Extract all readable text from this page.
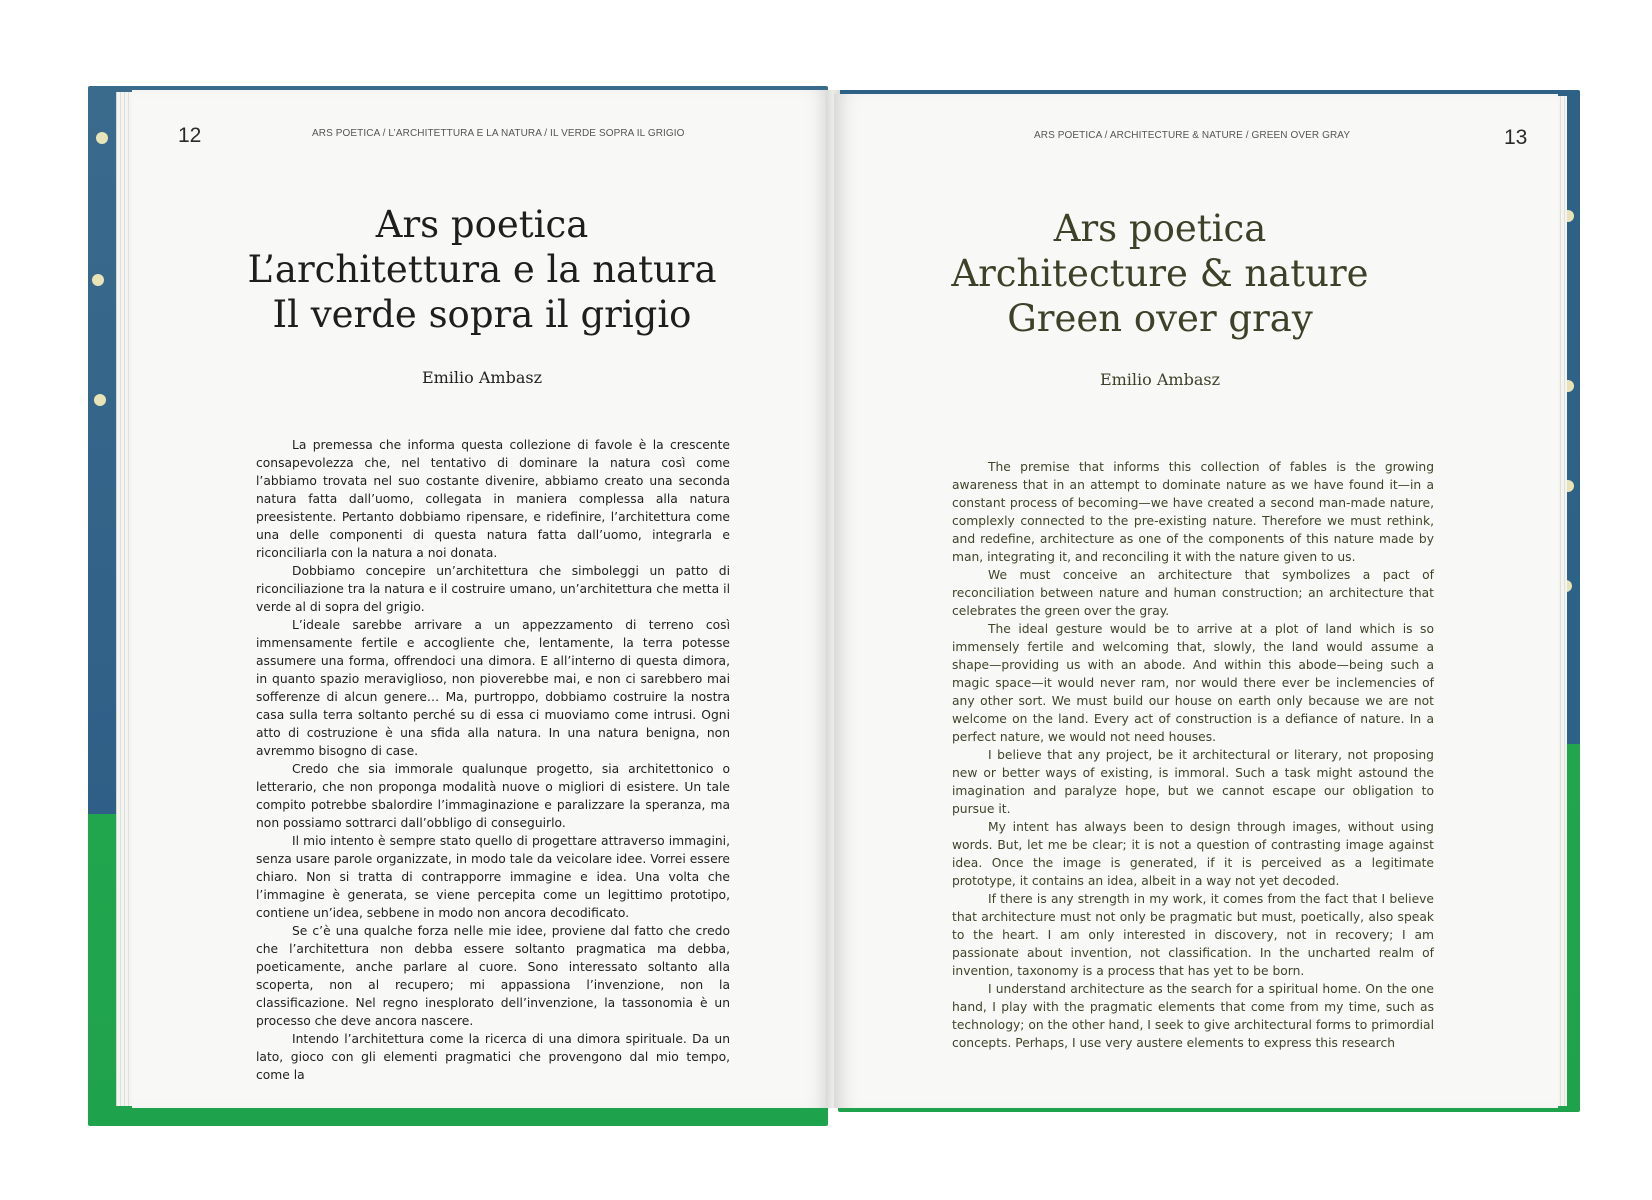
12	ARS POETICA / L’ARCHITETTURA E LA NATURA / IL VERDE SOPRA IL GRIGIO
Ars poetica
L’architettura e la natura
Il verde sopra il grigio
Emilio Ambasz

La premessa che informa questa collezione di favole è la crescente consapevolezza che, nel tentativo di dominare la natura così come l’abbiamo trovata nel suo costante divenire, abbiamo creato una seconda natura fatta dall’uomo, collegata in maniera complessa alla natura preesistente. Pertanto dobbiamo ripensare, e ridefinire, l’architettura come una delle componenti di questa natura fatta dall’uomo, integrarla e riconciliarla con la natura a noi donata.

Dobbiamo concepire un’architettura che simboleggi un patto di riconciliazione tra la natura e il costruire umano, un’architettura che metta il verde al di sopra del grigio.

L’ideale sarebbe arrivare a un appezzamento di terreno così immensamente fertile e accogliente che, lentamente, la terra potesse assumere una forma, offrendoci una dimora. E all’interno di questa dimora, in quanto spazio meraviglioso, non pioverebbe mai, e non ci sarebbero mai sofferenze di alcun genere… Ma, purtroppo, dobbiamo costruire la nostra casa sulla terra soltanto perché su di essa ci muoviamo come intrusi. Ogni atto di costruzione è una sfida alla natura. In una natura benigna, non avremmo bisogno di case.

Credo che sia immorale qualunque progetto, sia architettonico o letterario, che non proponga modalità nuove o migliori di esistere. Un tale compito potrebbe sbalordire l’immaginazione e paralizzare la speranza, ma non possiamo sottrarci dall’obbligo di conseguirlo.

Il mio intento è sempre stato quello di progettare attraverso immagini, senza usare parole organizzate, in modo tale da veicolare idee. Vorrei essere chiaro. Non si tratta di contrapporre immagine e idea. Una volta che l’immagine è generata, se viene percepita come un legittimo prototipo, contiene un’idea, sebbene in modo non ancora decodificato.

Se c’è una qualche forza nelle mie idee, proviene dal fatto che credo che l’architettura non debba essere soltanto pragmatica ma debba, poeticamente, anche parlare al cuore. Sono interessato soltanto alla scoperta, non al recupero; mi appassiona l’invenzione, non la classificazione. Nel regno inesplorato dell’invenzione, la tassonomia è un processo che deve ancora nascere.

Intendo l’architettura come la ricerca di una dimora spirituale. Da un lato, gioco con gli elementi pragmatici che provengono dal mio tempo, come la

ARS POETICA / ARCHITECTURE & NATURE / GREEN OVER GRAY	13
Ars poetica
Architecture & nature
Green over gray
Emilio Ambasz

The premise that informs this collection of fables is the growing awareness that in an attempt to dominate nature as we have found it—in a constant process of becoming—we have created a second man-made nature, complexly connected to the pre-existing nature. Therefore we must rethink, and redefine, architecture as one of the components of this nature made by man, integrating it, and reconciling it with the nature given to us.

We must conceive an architecture that symbolizes a pact of reconciliation between nature and human construction; an architecture that celebrates the green over the gray.

The ideal gesture would be to arrive at a plot of land which is so immensely fertile and welcoming that, slowly, the land would assume a shape—providing us with an abode. And within this abode—being such a magic space—it would never ram, nor would there ever be inclemencies of any other sort. We must build our house on earth only because we are not welcome on the land. Every act of construction is a defiance of nature. In a perfect nature, we would not need houses.

I believe that any project, be it architectural or literary, not proposing new or better ways of existing, is immoral. Such a task might astound the imagination and paralyze hope, but we cannot escape our obligation to pursue it.

My intent has always been to design through images, without using words. But, let me be clear; it is not a question of contrasting image against idea. Once the image is generated, if it is perceived as a legitimate prototype, it contains an idea, albeit in a way not yet decoded.

If there is any strength in my work, it comes from the fact that I believe that architecture must not only be pragmatic but must, poetically, also speak to the heart. I am only interested in discovery, not in recovery; I am passionate about invention, not classification. In the uncharted realm of invention, taxonomy is a process that has yet to be born.

I understand architecture as the search for a spiritual home. On the one hand, I play with the pragmatic elements that come from my time, such as technology; on the other hand, I seek to give architectural forms to primordial concepts. Perhaps, I use very austere elements to express this research
